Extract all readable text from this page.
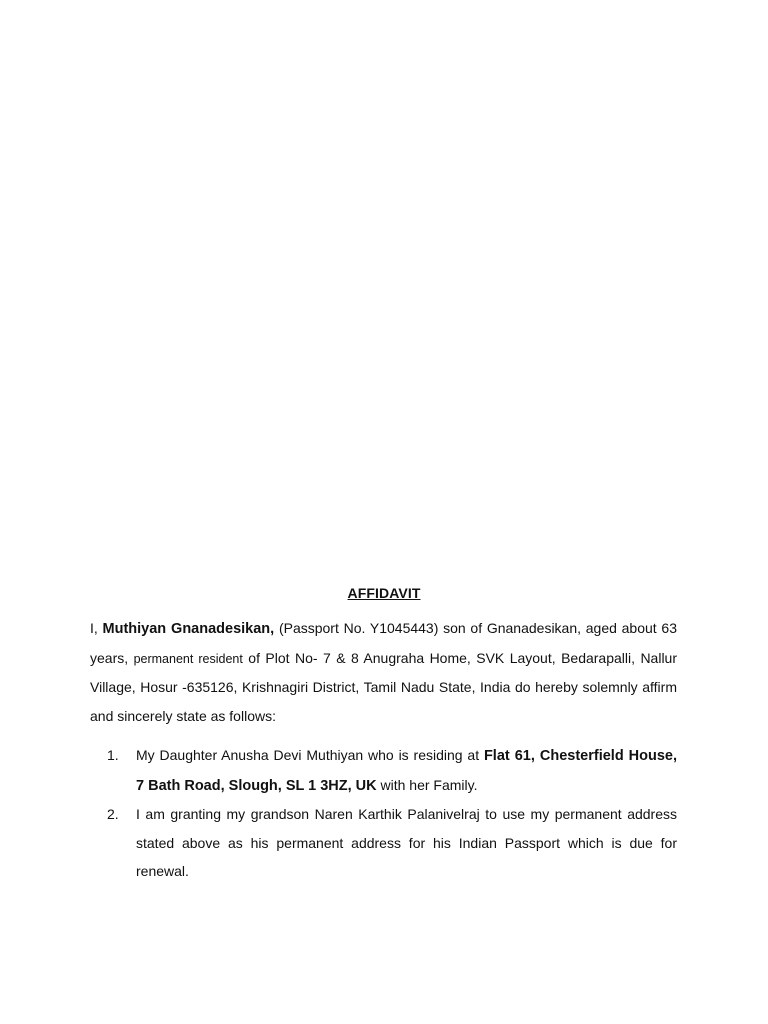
AFFIDAVIT

I, Muthiyan Gnanadesikan, (Passport No. Y1045443) son of Gnanadesikan, aged about 63 years, permanent resident of Plot No- 7 & 8 Anugraha Home, SVK Layout, Bedarapalli, Nallur Village, Hosur -635126, Krishnagiri District, Tamil Nadu State, India do hereby solemnly affirm and sincerely state as follows:

1. My Daughter Anusha Devi Muthiyan who is residing at Flat 61, Chesterfield House, 7 Bath Road, Slough, SL 1 3HZ, UK with her Family.
2. I am granting my grandson Naren Karthik Palanivelraj to use my permanent address stated above as his permanent address for his Indian Passport which is due for renewal.
